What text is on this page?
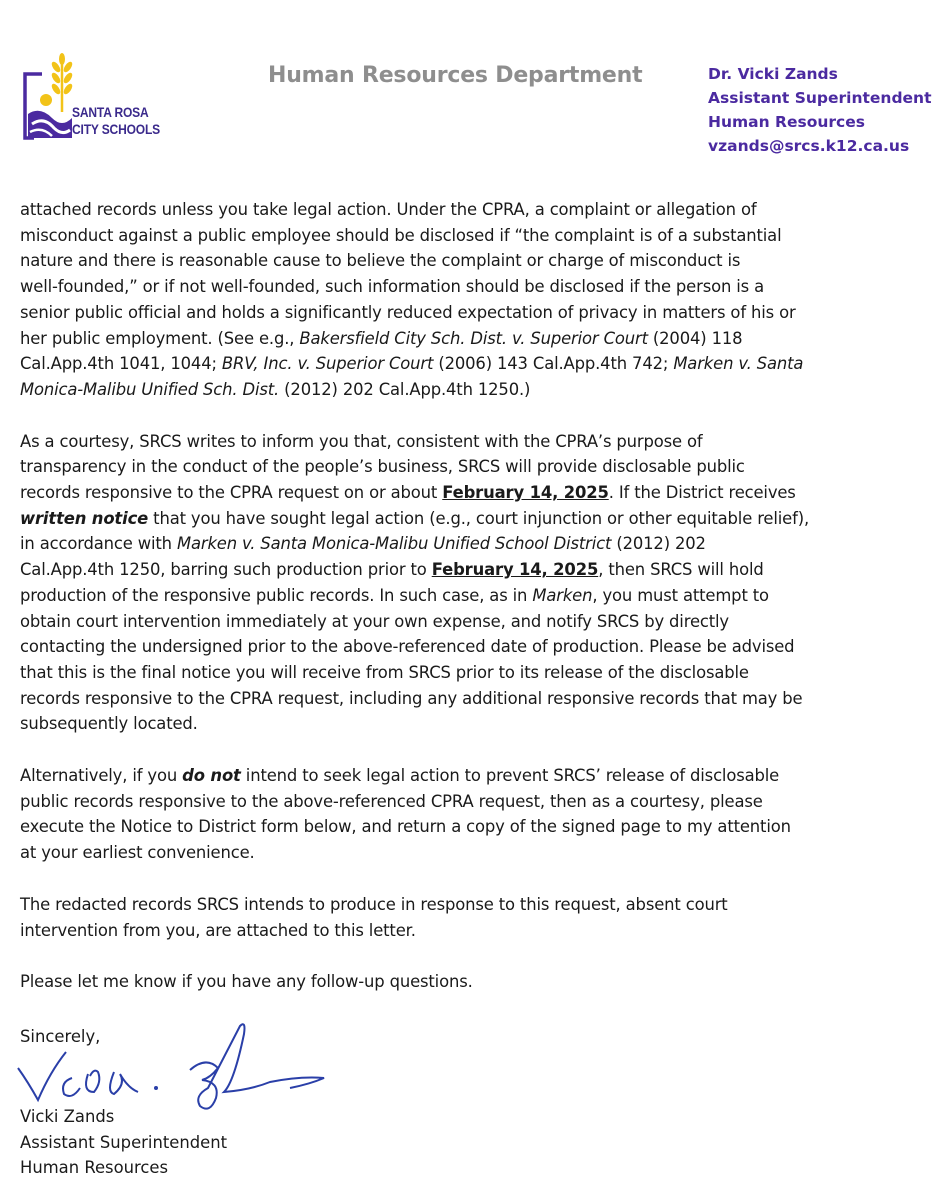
SANTA ROSA
CITY SCHOOLS
Human Resources Department	Dr. Vicki Zands
Assistant Superintendent
Human Resources
vzands@srcs.k12.ca.us
attached records unless you take legal action. Under the CPRA, a complaint or allegation of
misconduct against a public employee should be disclosed if “the complaint is of a substantial
nature and there is reasonable cause to believe the complaint or charge of misconduct is
well-founded,” or if not well-founded, such information should be disclosed if the person is a
senior public official and holds a significantly reduced expectation of privacy in matters of his or
her public employment. (See e.g., Bakersfield City Sch. Dist. v. Superior Court (2004) 118
Cal.App.4th 1041, 1044; BRV, Inc. v. Superior Court (2006) 143 Cal.App.4th 742; Marken v. Santa
Monica-Malibu Unified Sch. Dist. (2012) 202 Cal.App.4th 1250.)
As a courtesy, SRCS writes to inform you that, consistent with the CPRA’s purpose of
transparency in the conduct of the people’s business, SRCS will provide disclosable public
records responsive to the CPRA request on or about February 14, 2025. If the District receives
written notice that you have sought legal action (e.g., court injunction or other equitable relief),
in accordance with Marken v. Santa Monica-Malibu Unified School District (2012) 202
Cal.App.4th 1250, barring such production prior to February 14, 2025, then SRCS will hold
production of the responsive public records. In such case, as in Marken, you must attempt to
obtain court intervention immediately at your own expense, and notify SRCS by directly
contacting the undersigned prior to the above-referenced date of production. Please be advised
that this is the final notice you will receive from SRCS prior to its release of the disclosable
records responsive to the CPRA request, including any additional responsive records that may be
subsequently located.
Alternatively, if you do not intend to seek legal action to prevent SRCS’ release of disclosable
public records responsive to the above-referenced CPRA request, then as a courtesy, please
execute the Notice to District form below, and return a copy of the signed page to my attention
at your earliest convenience.
The redacted records SRCS intends to produce in response to this request, absent court
intervention from you, are attached to this letter.
Please let me know if you have any follow-up questions.
Sincerely,
Vicki Zands
Assistant Superintendent
Human Resources
